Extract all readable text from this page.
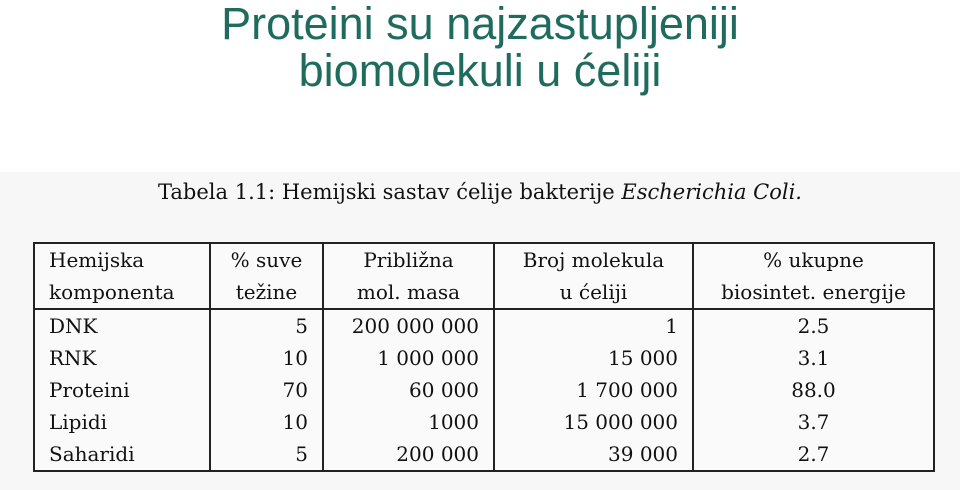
Proteini su najzastupljeniji
biomolekuli u ćeliji
Tabela 1.1: Hemijski sastav ćelije bakterije Escherichia Coli.
Hemijska	% suve	Približna	Broj molekula	% ukupne
komponenta	težine	mol. masa	u ćeliji	biosintet. energije
DNK	5	200 000 000	1	2.5
RNK	10	1 000 000	15 000	3.1
Proteini	70	60 000	1 700 000	88.0
Lipidi	10	1000	15 000 000	3.7
Saharidi	5	200 000	39 000	2.7
